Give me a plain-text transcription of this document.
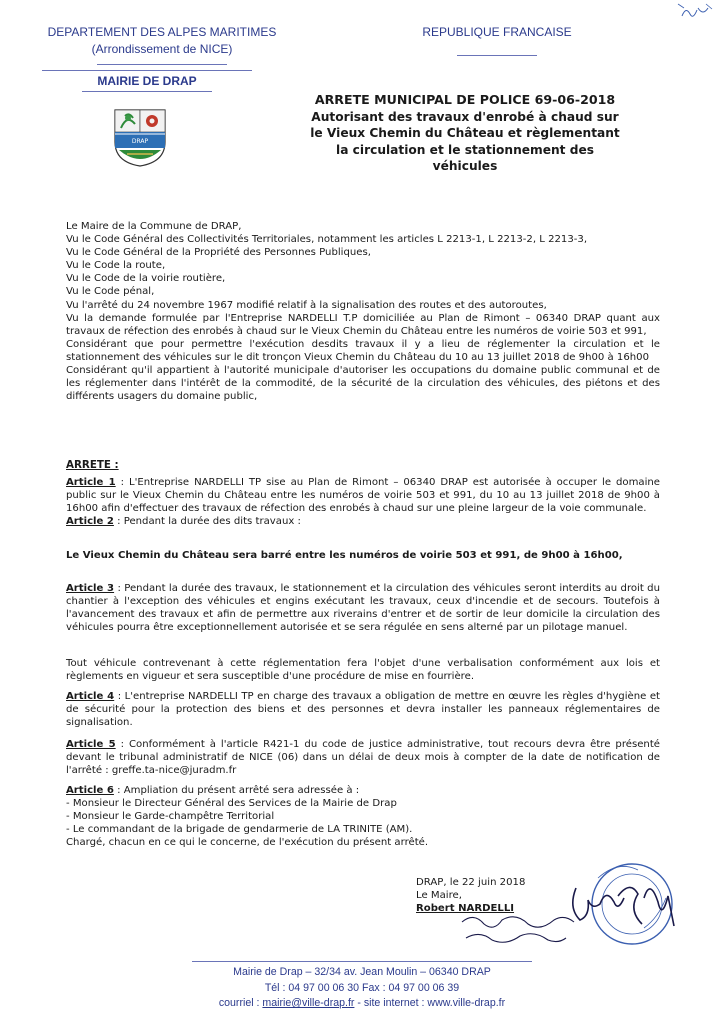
DEPARTEMENT DES ALPES MARITIMES
(Arrondissement de NICE)
REPUBLIQUE FRANCAISE
MAIRIE DE DRAP
DRAP
ARRETE MUNICIPAL DE POLICE 69-06-2018
Autorisant des travaux d'enrobé à chaud sur
le Vieux Chemin du Château et règlementant
la circulation et le stationnement des
véhicules
Le Maire de la Commune de DRAP,
Vu le Code Général des Collectivités Territoriales, notamment les articles L 2213-1, L 2213-2, L 2213-3,
Vu le Code Général de la Propriété des Personnes Publiques,
Vu le Code la route,
Vu le Code de la voirie routière,
Vu le Code pénal,
Vu l'arrêté du 24 novembre 1967 modifié relatif à la signalisation des routes et des autoroutes,
Vu la demande formulée par l'Entreprise NARDELLI T.P domiciliée au Plan de Rimont – 06340 DRAP quant aux travaux de réfection des enrobés à chaud sur le Vieux Chemin du Château entre les numéros de voirie 503 et 991,
Considérant que pour permettre l'exécution desdits travaux il y a lieu de réglementer la circulation et le stationnement des véhicules sur le dit tronçon Vieux Chemin du Château du 10 au 13 juillet 2018 de 9h00 à 16h00
Considérant qu'il appartient à l'autorité municipale d'autoriser les occupations du domaine public communal et de les réglementer dans l'intérêt de la commodité, de la sécurité de la circulation des véhicules, des piétons et des différents usagers du domaine public,
ARRETE :
Article 1 : L'Entreprise NARDELLI TP sise au Plan de Rimont – 06340 DRAP est autorisée à occuper le domaine public sur le Vieux Chemin du Château entre les numéros de voirie 503 et 991, du 10 au 13 juillet 2018 de 9h00 à 16h00 afin d'effectuer des travaux de réfection des enrobés à chaud sur une pleine largeur de la voie communale.
Article 2 : Pendant la durée des dits travaux :
Le Vieux Chemin du Château sera barré entre les numéros de voirie 503 et 991, de 9h00 à 16h00,
Article 3 : Pendant la durée des travaux, le stationnement et la circulation des véhicules seront interdits au droit du chantier à l'exception des véhicules et engins exécutant les travaux, ceux d'incendie et de secours. Toutefois à l'avancement des travaux et afin de permettre aux riverains d'entrer et de sortir de leur domicile la circulation des véhicules pourra être exceptionnellement autorisée et se sera régulée en sens alterné par un pilotage manuel.
Tout véhicule contrevenant à cette réglementation fera l'objet d'une verbalisation conformément aux lois et règlements en vigueur et sera susceptible d'une procédure de mise en fourrière.
Article 4 : L'entreprise NARDELLI TP en charge des travaux a obligation de mettre en œuvre les règles d'hygiène et de sécurité pour la protection des biens et des personnes et devra installer les panneaux réglementaires de signalisation.
Article 5 : Conformément à l'article R421-1 du code de justice administrative, tout recours devra être présenté devant le tribunal administratif de NICE (06) dans un délai de deux mois à compter de la date de notification de l'arrêté : greffe.ta-nice@juradm.fr
Article 6 : Ampliation du présent arrêté sera adressée à :
- Monsieur le Directeur Général des Services de la Mairie de Drap
- Monsieur le Garde-champêtre Territorial
- Le commandant de la brigade de gendarmerie de LA TRINITE (AM).
Chargé, chacun en ce qui le concerne, de l'exécution du présent arrêté.
DRAP, le 22 juin 2018
Le Maire,
Robert NARDELLI
Mairie de Drap – 32/34 av. Jean Moulin – 06340 DRAP
Tél : 04 97 00 06 30 Fax : 04 97 00 06 39
courriel : mairie@ville-drap.fr - site internet : www.ville-drap.fr
